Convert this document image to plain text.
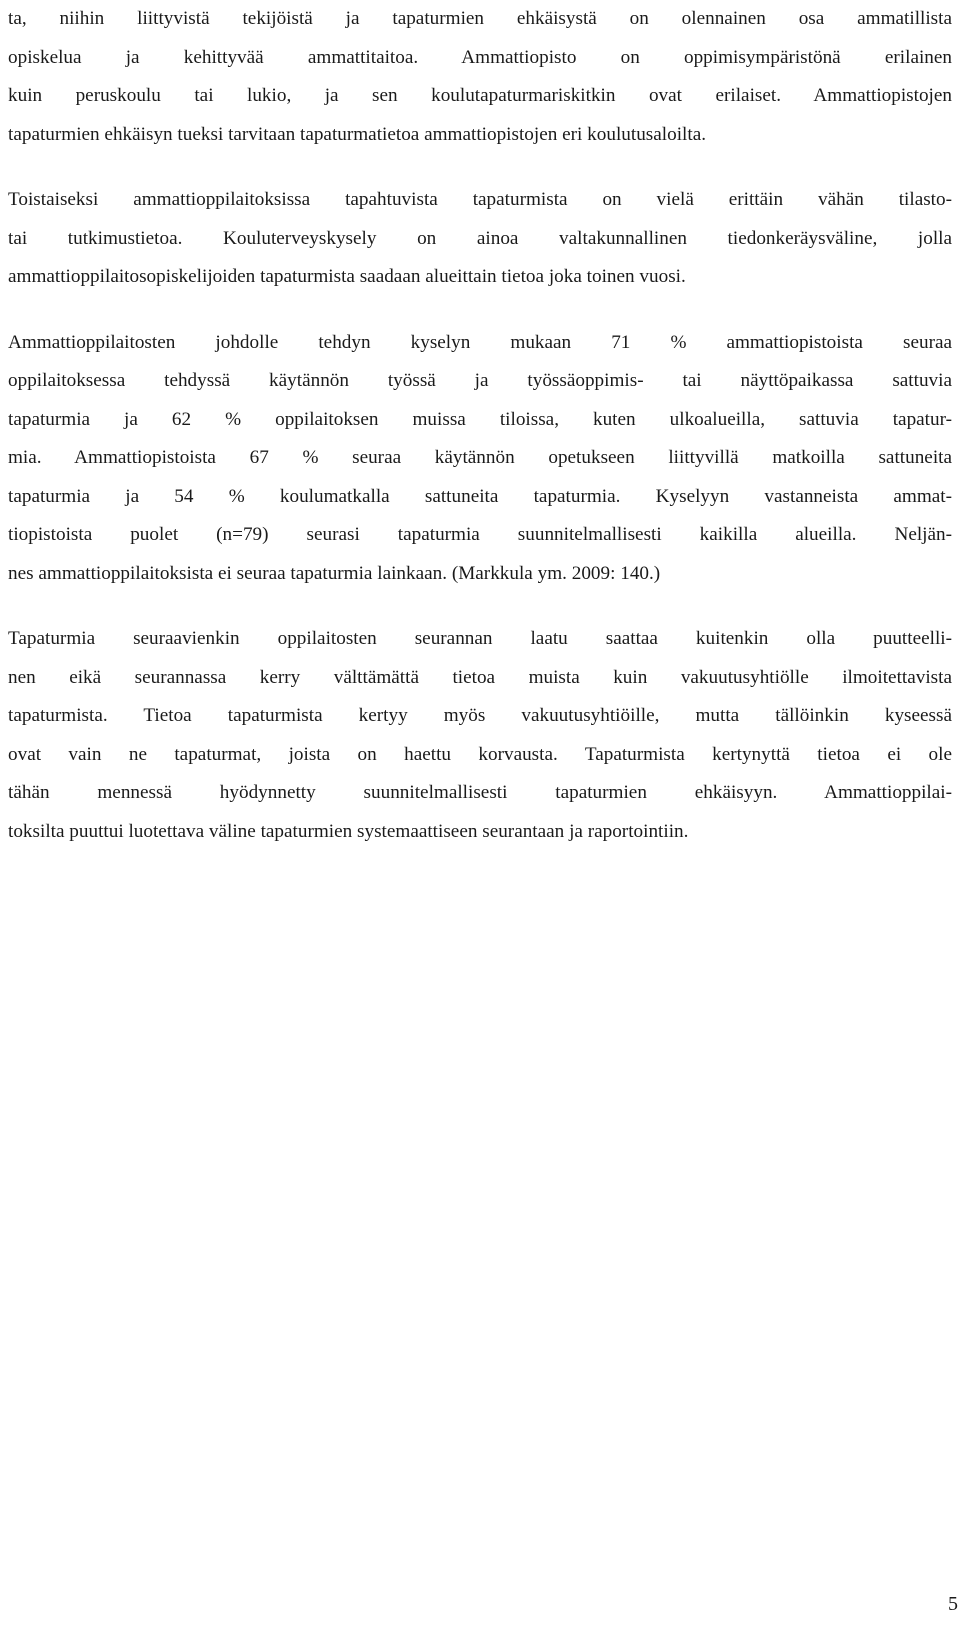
ta, niihin liittyvistä tekijöistä ja tapaturmien ehkäisystä on olennainen osa ammatillista
opiskelua ja kehittyvää ammattitaitoa. Ammattiopisto on oppimisympäristönä erilainen
kuin peruskoulu tai lukio, ja sen koulutapaturmariskitkin ovat erilaiset. Ammattiopistojen
tapaturmien ehkäisyn tueksi tarvitaan tapaturmatietoa ammattiopistojen eri koulutusaloilta.
Toistaiseksi ammattioppilaitoksissa tapahtuvista tapaturmista on vielä erittäin vähän tilasto-
tai tutkimustietoa. Kouluterveyskysely on ainoa valtakunnallinen tiedonkeräysväline, jolla
ammattioppilaitosopiskelijoiden tapaturmista saadaan alueittain tietoa joka toinen vuosi.
Ammattioppilaitosten johdolle tehdyn kyselyn mukaan 71 % ammattiopistoista seuraa
oppilaitoksessa tehdyssä käytännön työssä ja työssäoppimis- tai näyttöpaikassa sattuvia
tapaturmia ja 62 % oppilaitoksen muissa tiloissa, kuten ulkoalueilla, sattuvia tapatur-
mia. Ammattiopistoista 67 % seuraa käytännön opetukseen liittyvillä matkoilla sattuneita
tapaturmia ja 54 % koulumatkalla sattuneita tapaturmia. Kyselyyn vastanneista ammat-
tiopistoista puolet (n=79) seurasi tapaturmia suunnitelmallisesti kaikilla alueilla. Neljän-
nes ammattioppilaitoksista ei seuraa tapaturmia lainkaan. (Markkula ym. 2009: 140.)
Tapaturmia seuraavienkin oppilaitosten seurannan laatu saattaa kuitenkin olla puutteelli-
nen eikä seurannassa kerry välttämättä tietoa muista kuin vakuutusyhtiölle ilmoitettavista
tapaturmista. Tietoa tapaturmista kertyy myös vakuutusyhtiöille, mutta tällöinkin kyseessä
ovat vain ne tapaturmat, joista on haettu korvausta. Tapaturmista kertynyttä tietoa ei ole
tähän mennessä hyödynnetty suunnitelmallisesti tapaturmien ehkäisyyn. Ammattioppilai-
toksilta puuttui luotettava väline tapaturmien systemaattiseen seurantaan ja raportointiin.
5
